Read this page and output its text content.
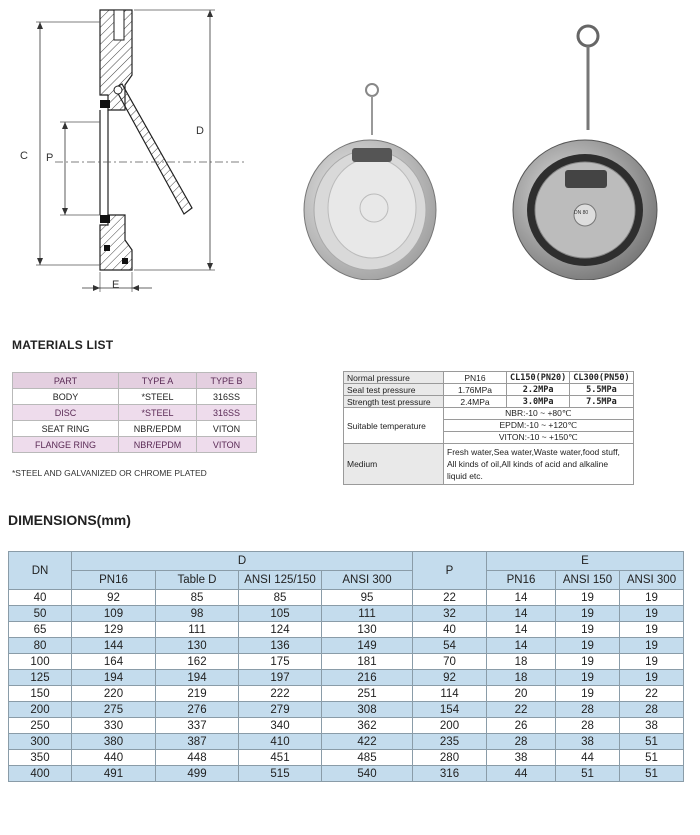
C P
D
E
DN 80
MATERIALS LIST
PART	TYPE A	TYPE B
BODY	*STEEL	316SS
DISC	*STEEL	316SS
SEAT RING	NBR/EPDM	VITON
FLANGE RING	NBR/EPDM	VITON
*STEEL AND GALVANIZED OR CHROME PLATED
Normal pressure	PN16	CL150(PN20)	CL300(PN50)
Seal test pressure	1.76MPa	2.2MPa	5.5MPa
Strength test pressure	2.4MPa	3.0MPa	7.5MPa
Suitable temperature	NBR:-10 ~ +80℃		
	EPDM:-10 ~ +120℃		
	VITON:-10 ~ +150℃		
Medium	Fresh water,Sea water,Waste water,food stuff,
All kinds of oil,All kinds of acid and alkaline liquid etc.		
DIMENSIONS(mm)
DN	D				P	E		
	PN16	Table D	ANSI 125/150	ANSI 300		PN16	ANSI 150	ANSI 300
40	92	85	85	95	22	14	19	19
50	109	98	105	111	32	14	19	19
65	129	111	124	130	40	14	19	19
80	144	130	136	149	54	14	19	19
100	164	162	175	181	70	18	19	19
125	194	194	197	216	92	18	19	19
150	220	219	222	251	114	20	19	22
200	275	276	279	308	154	22	28	28
250	330	337	340	362	200	26	28	38
300	380	387	410	422	235	28	38	51
350	440	448	451	485	280	38	44	51
400	491	499	515	540	316	44	51	51
